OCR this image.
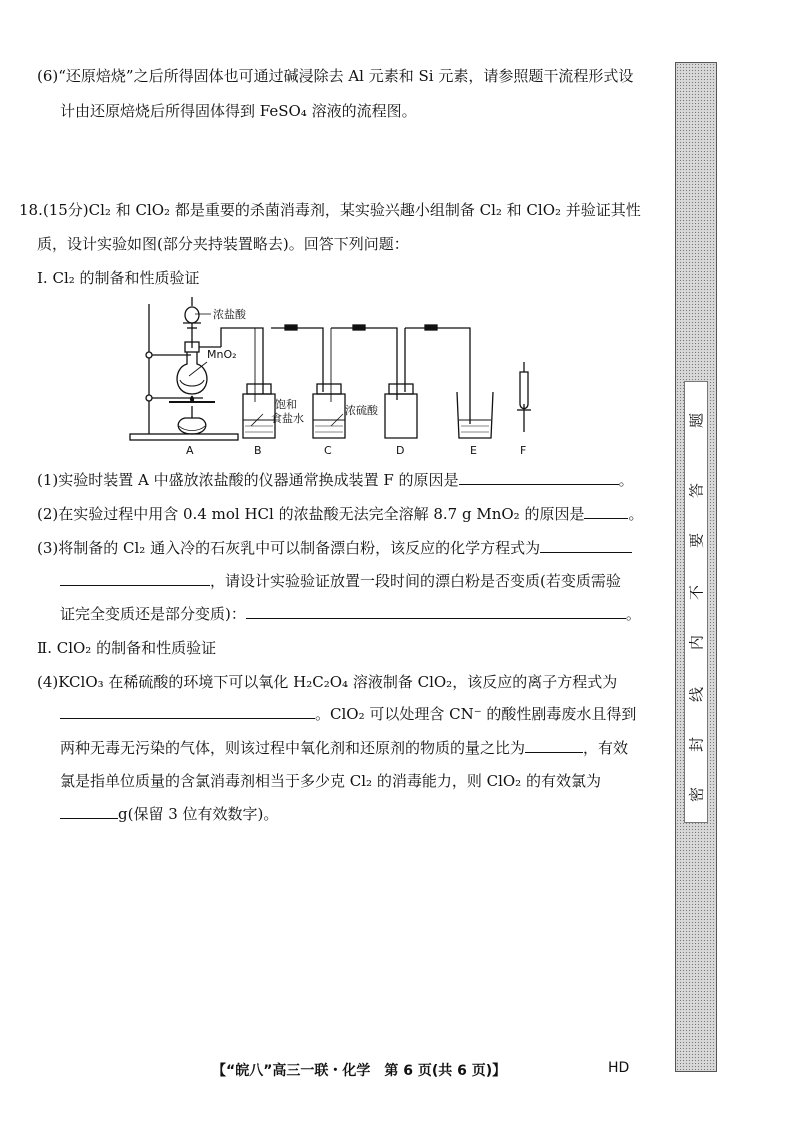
(6)“还原焙烧”之后所得固体也可通过碱浸除去 Al 元素和 Si 元素，请参照题干流程形式设
计由还原焙烧后所得固体得到 FeSO₄ 溶液的流程图。
18.(15分)Cl₂ 和 ClO₂ 都是重要的杀菌消毒剂，某实验兴趣小组制备 Cl₂ 和 ClO₂ 并验证其性
质，设计实验如图(部分夹持装置略去)。回答下列问题：
Ⅰ. Cl₂ 的制备和性质验证
浓盐酸
MnO₂
饱和
食盐水
浓硫酸
A	B	C	D	E	F
(1)实验时装置 A 中盛放浓盐酸的仪器通常换成装置 F 的原因是	。
(2)在实验过程中用含 0.4 mol HCl 的浓盐酸无法完全溶解 8.7 g MnO₂ 的原因是	。
(3)将制备的 Cl₂ 通入冷的石灰乳中可以制备漂白粉，该反应的化学方程式为
，请设计实验验证放置一段时间的漂白粉是否变质(若变质需验
证完全变质还是部分变质)：	。
Ⅱ. ClO₂ 的制备和性质验证
(4)KClO₃ 在稀硫酸的环境下可以氧化 H₂C₂O₄ 溶液制备 ClO₂，该反应的离子方程式为
。ClO₂ 可以处理含 CN⁻ 的酸性剧毒废水且得到
两种无毒无污染的气体，则该过程中氧化剂和还原剂的物质的量之比为	，有效
氯是指单位质量的含氯消毒剂相当于多少克 Cl₂ 的消毒能力，则 ClO₂ 的有效氯为
g(保留 3 位有效数字)。
密
封
线
内
不
要
答
题
【“皖八”高三一联・化学　第 6 页(共 6 页)】	HD
